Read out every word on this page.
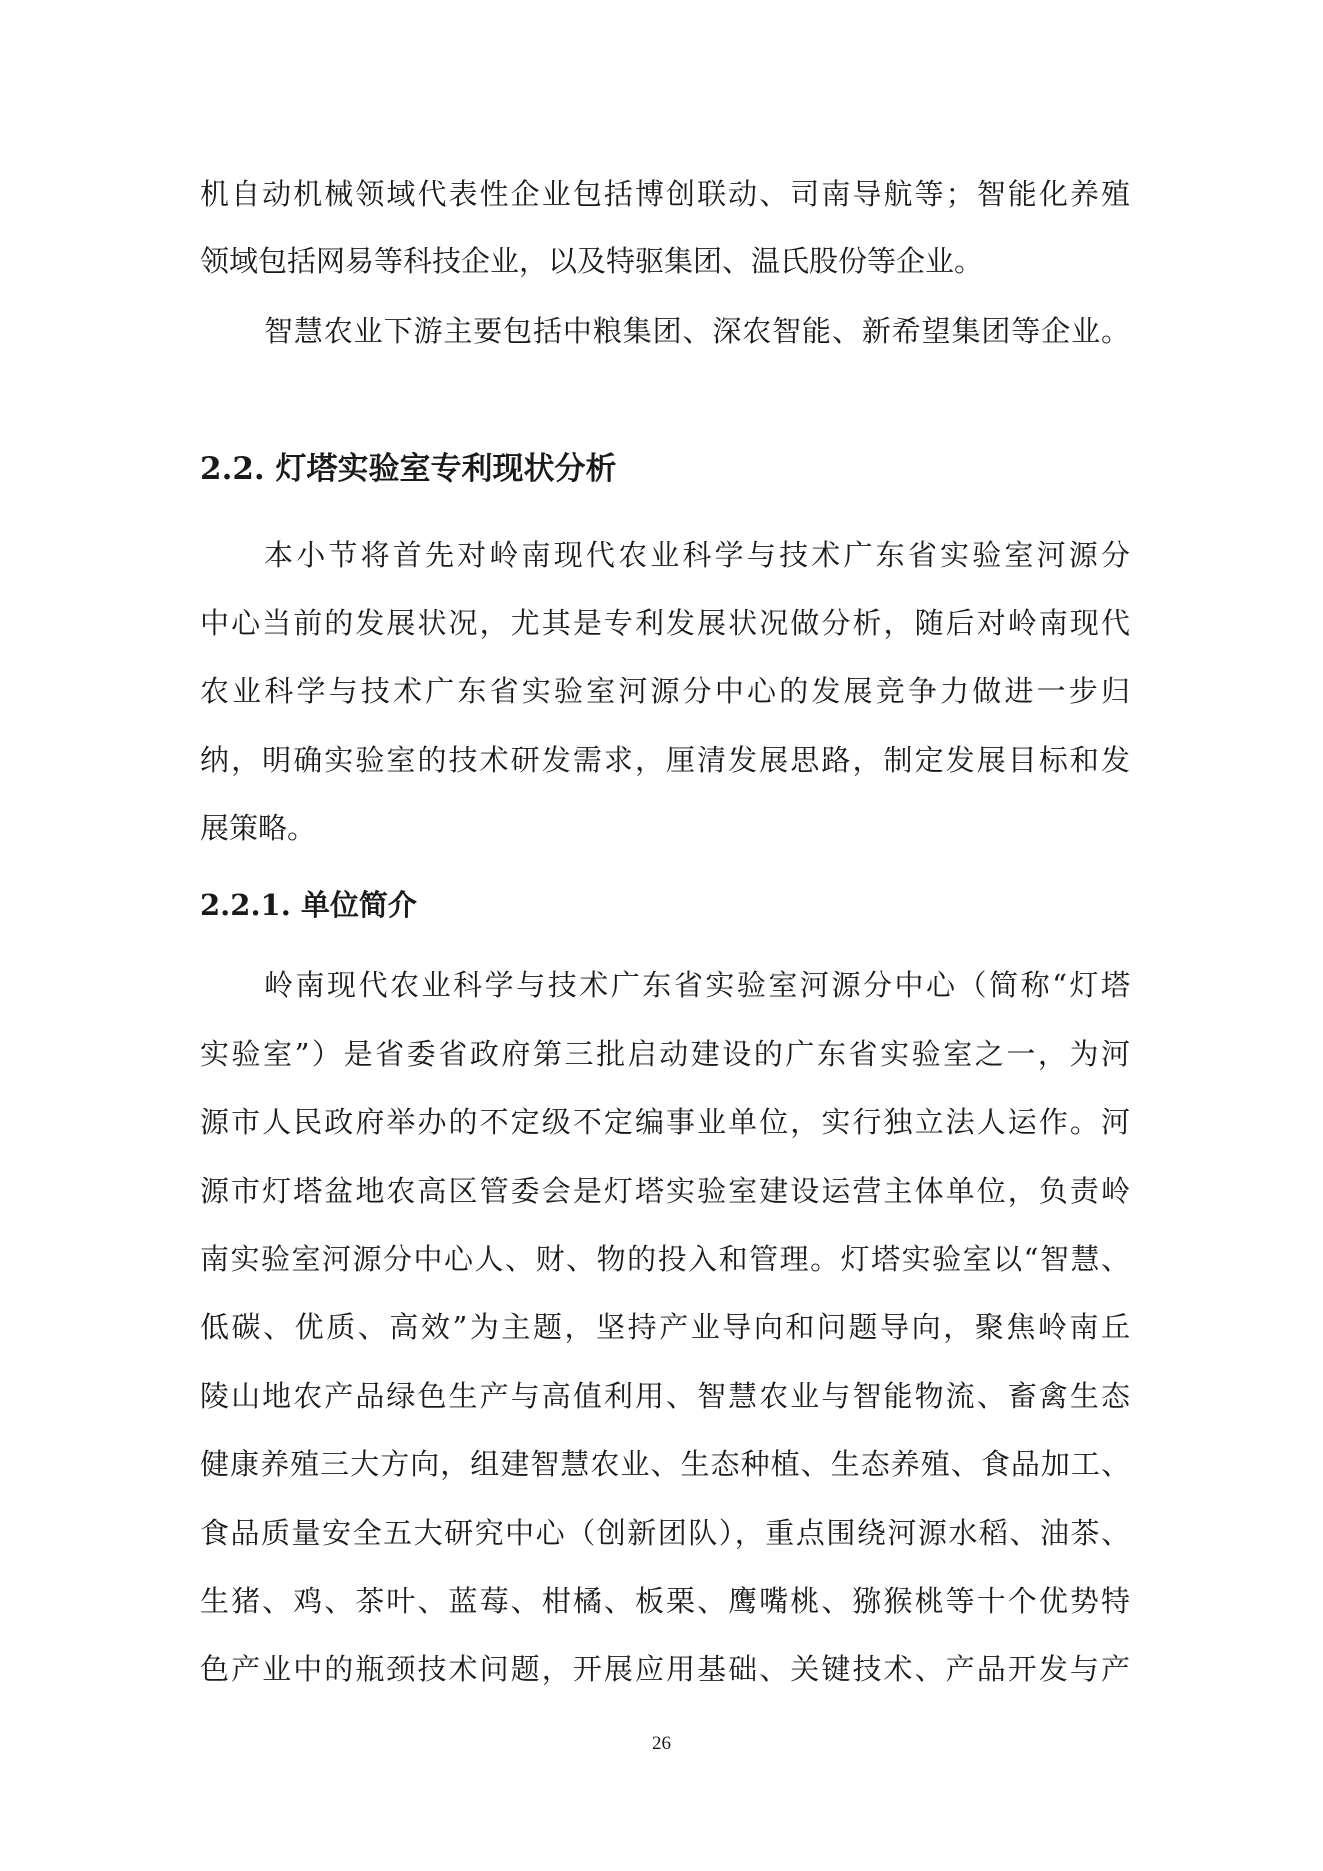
机自动机械领域代表性企业包括博创联动、司南导航等；智能化养殖
领域包括网易等科技企业，以及特驱集团、温氏股份等企业。
智慧农业下游主要包括中粮集团、深农智能、新希望集团等企业。
2.2. 灯塔实验室专利现状分析
本小节将首先对岭南现代农业科学与技术广东省实验室河源分
中心当前的发展状况，尤其是专利发展状况做分析，随后对岭南现代
农业科学与技术广东省实验室河源分中心的发展竞争力做进一步归
纳，明确实验室的技术研发需求，厘清发展思路，制定发展目标和发
展策略。
2.2.1. 单位简介
岭南现代农业科学与技术广东省实验室河源分中心（简称“灯塔
实验室”）是省委省政府第三批启动建设的广东省实验室之一，为河
源市人民政府举办的不定级不定编事业单位，实行独立法人运作。河
源市灯塔盆地农高区管委会是灯塔实验室建设运营主体单位，负责岭
南实验室河源分中心人、财、物的投入和管理。灯塔实验室以“智慧、
低碳、优质、高效”为主题，坚持产业导向和问题导向，聚焦岭南丘
陵山地农产品绿色生产与高值利用、智慧农业与智能物流、畜禽生态
健康养殖三大方向，组建智慧农业、生态种植、生态养殖、食品加工、
食品质量安全五大研究中心（创新团队），重点围绕河源水稻、油茶、
生猪、鸡、茶叶、蓝莓、柑橘、板栗、鹰嘴桃、猕猴桃等十个优势特
色产业中的瓶颈技术问题，开展应用基础、关键技术、产品开发与产
26
